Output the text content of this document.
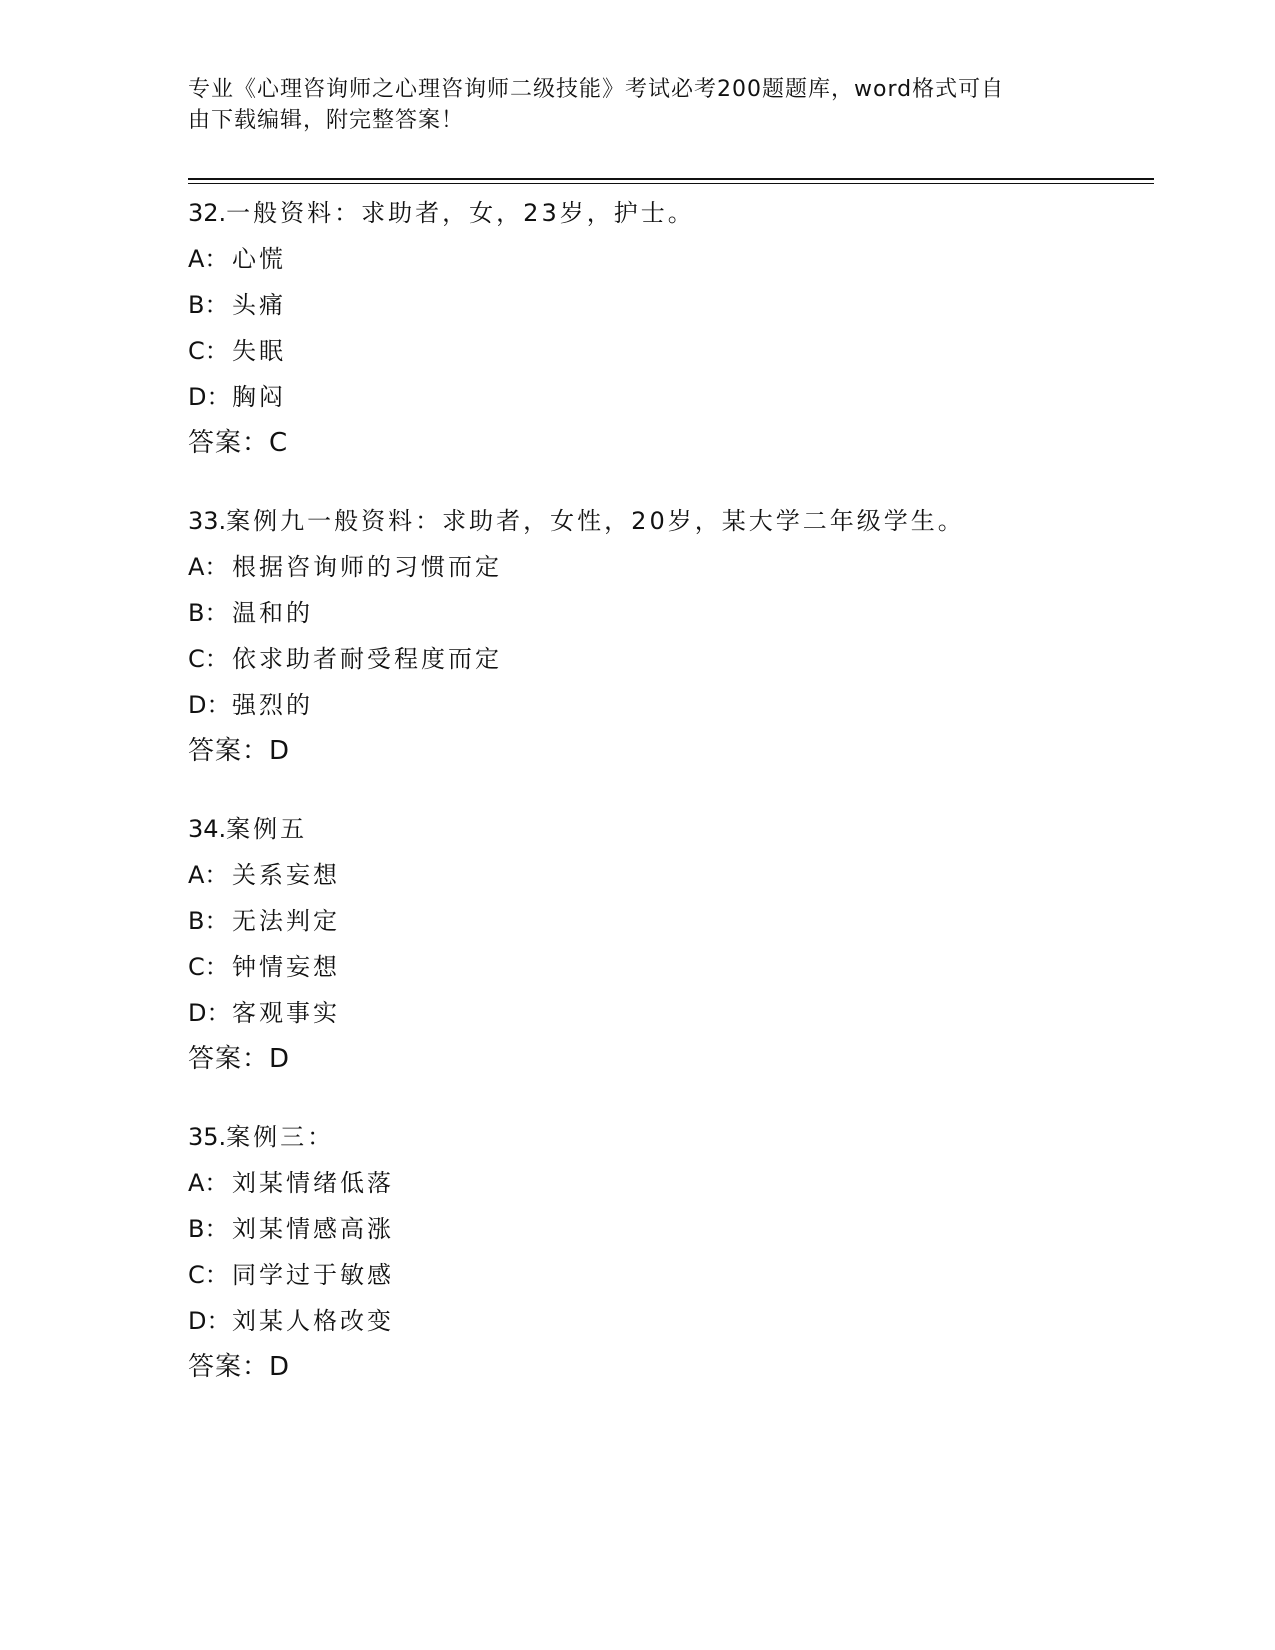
专业《心理咨询师之心理咨询师二级技能》考试必考200题题库，word格式可自
由下载编辑，附完整答案！
32.一般资料：求助者，女，23岁，护士。
A： 心慌
B： 头痛
C： 失眠
D：胸闷
答案：C
33.案例九一般资料：求助者，女性，20岁，某大学二年级学生。
A： 根据咨询师的习惯而定
B： 温和的
C： 依求助者耐受程度而定
D：强烈的
答案：D
34.案例五
A： 关系妄想
B： 无法判定
C： 钟情妄想
D：客观事实
答案：D
35.案例三：
A： 刘某情绪低落
B： 刘某情感高涨
C： 同学过于敏感
D：刘某人格改变
答案：D
